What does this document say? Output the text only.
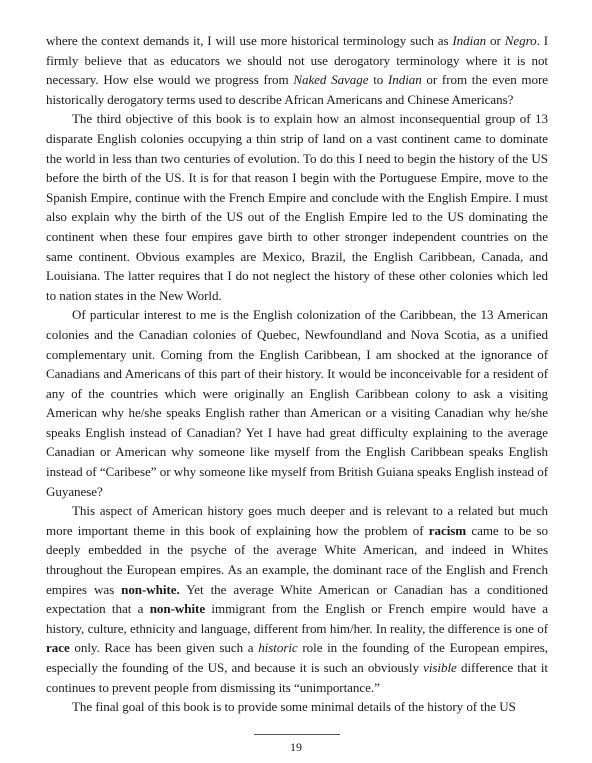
where the context demands it, I will use more historical terminology such as Indian or Negro. I firmly believe that as educators we should not use derogatory terminology where it is not necessary. How else would we progress from Naked Savage to Indian or from the even more historically derogatory terms used to describe African Americans and Chinese Americans?

The third objective of this book is to explain how an almost inconsequential group of 13 disparate English colonies occupying a thin strip of land on a vast continent came to dominate the world in less than two centuries of evolution. To do this I need to begin the history of the US before the birth of the US. It is for that reason I begin with the Portuguese Empire, move to the Spanish Empire, continue with the French Empire and conclude with the English Empire. I must also explain why the birth of the US out of the English Empire led to the US dominating the continent when these four empires gave birth to other stronger independent countries on the same continent. Obvious examples are Mexico, Brazil, the English Caribbean, Canada, and Louisiana. The latter requires that I do not neglect the history of these other colonies which led to nation states in the New World.

Of particular interest to me is the English colonization of the Caribbean, the 13 American colonies and the Canadian colonies of Quebec, Newfoundland and Nova Scotia, as a unified complementary unit. Coming from the English Caribbean, I am shocked at the ignorance of Canadians and Americans of this part of their history. It would be inconceivable for a resident of any of the countries which were originally an English Caribbean colony to ask a visiting American why he/she speaks English rather than American or a visiting Canadian why he/she speaks English instead of Canadian? Yet I have had great difficulty explaining to the average Canadian or American why someone like myself from the English Caribbean speaks English instead of “Caribese” or why someone like myself from British Guiana speaks English instead of Guyanese?

This aspect of American history goes much deeper and is relevant to a related but much more important theme in this book of explaining how the problem of racism came to be so deeply embedded in the psyche of the average White American, and indeed in Whites throughout the European empires. As an example, the dominant race of the English and French empires was non-white. Yet the average White American or Canadian has a conditioned expectation that a non-white immigrant from the English or French empire would have a history, culture, ethnicity and language, different from him/her. In reality, the difference is one of race only. Race has been given such a historic role in the founding of the European empires, especially the founding of the US, and because it is such an obviously visible difference that it continues to prevent people from dismissing its “unimportance.”

The final goal of this book is to provide some minimal details of the history of the US

19
